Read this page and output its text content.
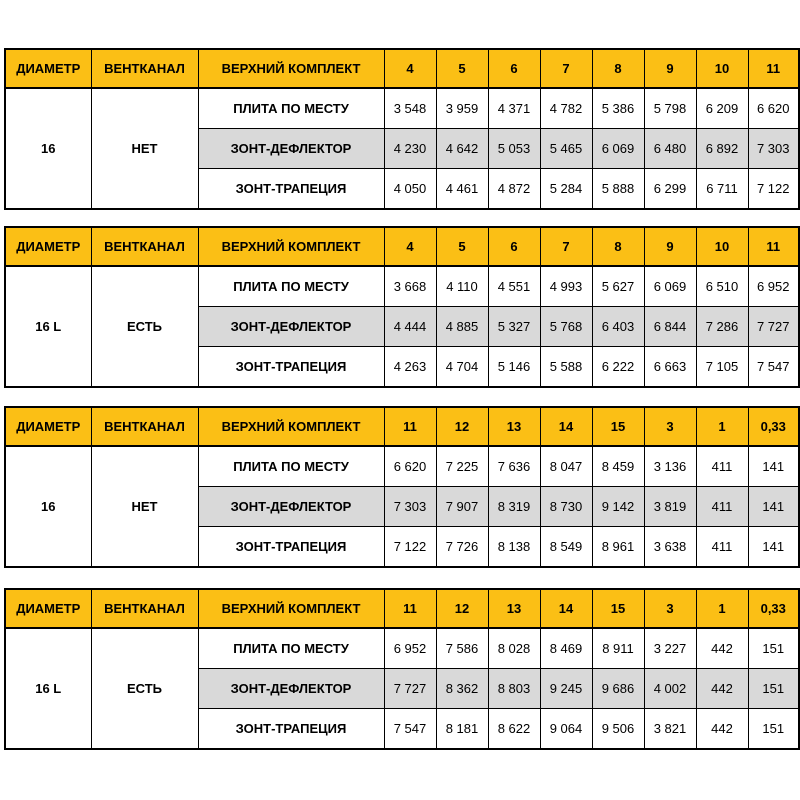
ДИАМЕТР	ВЕНТКАНАЛ	ВЕРХНИЙ КОМПЛЕКТ	4	5	6	7	8	9	10	11
16	НЕТ	ПЛИТА ПО МЕСТУ	3 548	3 959	4 371	4 782	5 386	5 798	6 209	6 620
		ЗОНТ-ДЕФЛЕКТОР	4 230	4 642	5 053	5 465	6 069	6 480	6 892	7 303
		ЗОНТ-ТРАПЕЦИЯ	4 050	4 461	4 872	5 284	5 888	6 299	6 711	7 122
ДИАМЕТР	ВЕНТКАНАЛ	ВЕРХНИЙ КОМПЛЕКТ	4	5	6	7	8	9	10	11
16 L	ЕСТЬ	ПЛИТА ПО МЕСТУ	3 668	4 110	4 551	4 993	5 627	6 069	6 510	6 952
		ЗОНТ-ДЕФЛЕКТОР	4 444	4 885	5 327	5 768	6 403	6 844	7 286	7 727
		ЗОНТ-ТРАПЕЦИЯ	4 263	4 704	5 146	5 588	6 222	6 663	7 105	7 547
ДИАМЕТР	ВЕНТКАНАЛ	ВЕРХНИЙ КОМПЛЕКТ	11	12	13	14	15	3	1	0,33
16	НЕТ	ПЛИТА ПО МЕСТУ	6 620	7 225	7 636	8 047	8 459	3 136	411	141
		ЗОНТ-ДЕФЛЕКТОР	7 303	7 907	8 319	8 730	9 142	3 819	411	141
		ЗОНТ-ТРАПЕЦИЯ	7 122	7 726	8 138	8 549	8 961	3 638	411	141
ДИАМЕТР	ВЕНТКАНАЛ	ВЕРХНИЙ КОМПЛЕКТ	11	12	13	14	15	3	1	0,33
16 L	ЕСТЬ	ПЛИТА ПО МЕСТУ	6 952	7 586	8 028	8 469	8 911	3 227	442	151
		ЗОНТ-ДЕФЛЕКТОР	7 727	8 362	8 803	9 245	9 686	4 002	442	151
		ЗОНТ-ТРАПЕЦИЯ	7 547	8 181	8 622	9 064	9 506	3 821	442	151
